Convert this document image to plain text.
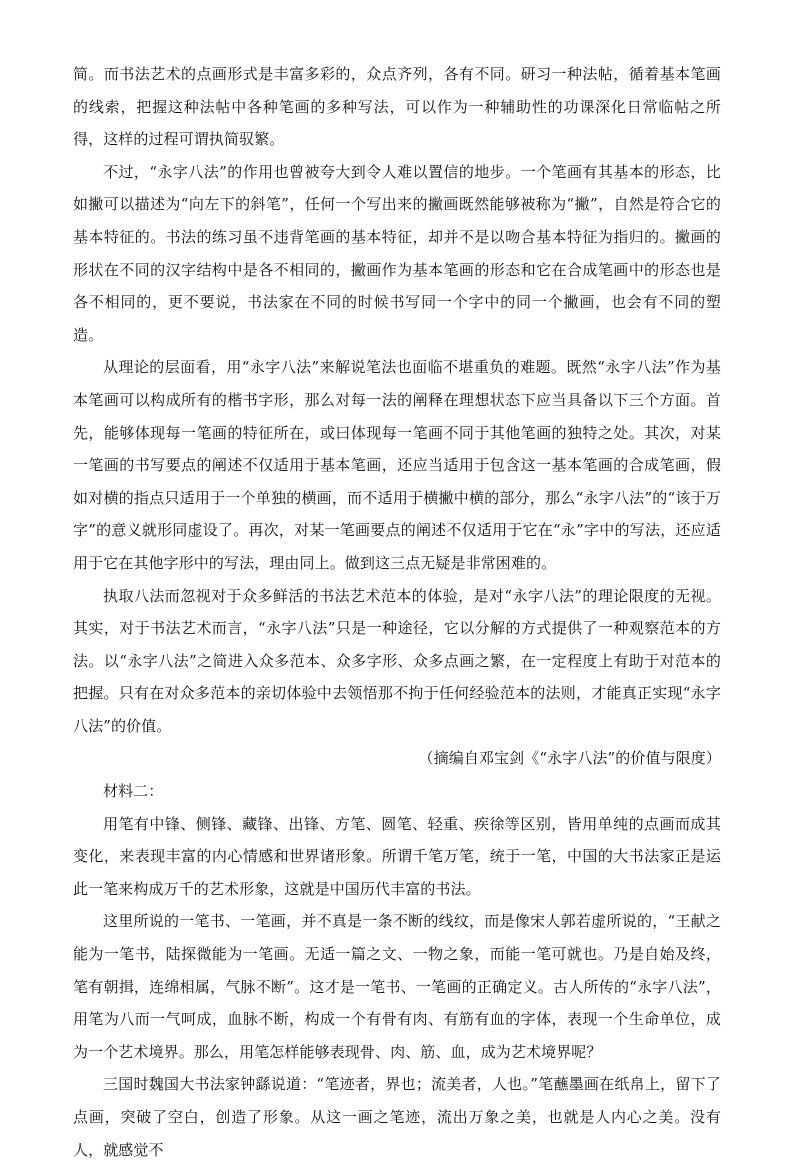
简。而书法艺术的点画形式是丰富多彩的，众点齐列，各有不同。研习一种法帖，循着基本笔画的线索，把握这种法帖中各种笔画的多种写法，可以作为一种辅助性的功课深化日常临帖之所得，这样的过程可谓执简驭繁。

不过，“永字八法”的作用也曾被夸大到令人难以置信的地步。一个笔画有其基本的形态，比如撇可以描述为“向左下的斜笔”，任何一个写出来的撇画既然能够被称为“撇”，自然是符合它的基本特征的。书法的练习虽不违背笔画的基本特征，却并不是以吻合基本特征为指归的。撇画的形状在不同的汉字结构中是各不相同的，撇画作为基本笔画的形态和它在合成笔画中的形态也是各不相同的，更不要说，书法家在不同的时候书写同一个字中的同一个撇画，也会有不同的塑造。

从理论的层面看，用“永字八法”来解说笔法也面临不堪重负的难题。既然“永字八法”作为基本笔画可以构成所有的楷书字形，那么对每一法的阐释在理想状态下应当具备以下三个方面。首先，能够体现每一笔画的特征所在，或曰体现每一笔画不同于其他笔画的独特之处。其次，对某一笔画的书写要点的阐述不仅适用于基本笔画，还应当适用于包含这一基本笔画的合成笔画，假如对横的指点只适用于一个单独的横画，而不适用于横撇中横的部分，那么“永字八法”的“该于万字”的意义就形同虚设了。再次，对某一笔画要点的阐述不仅适用于它在“永”字中的写法，还应适用于它在其他字形中的写法，理由同上。做到这三点无疑是非常困难的。

执取八法而忽视对于众多鲜活的书法艺术范本的体验，是对“永字八法”的理论限度的无视。其实，对于书法艺术而言，“永字八法”只是一种途径，它以分解的方式提供了一种观察范本的方法。以“永字八法”之简进入众多范本、众多字形、众多点画之繁，在一定程度上有助于对范本的把握。只有在对众多范本的亲切体验中去领悟那不拘于任何经验范本的法则，才能真正实现“永字八法”的价值。

（摘编自邓宝剑《“永字八法”的价值与限度）

材料二：

用笔有中锋、侧锋、藏锋、出锋、方笔、圆笔、轻重、疾徐等区别，皆用单纯的点画而成其变化，来表现丰富的内心情感和世界诸形象。所谓千笔万笔，统于一笔，中国的大书法家正是运此一笔来构成万千的艺术形象，这就是中国历代丰富的书法。

这里所说的一笔书、一笔画，并不真是一条不断的线纹，而是像宋人郭若虚所说的，“王献之能为一笔书，陆探微能为一笔画。无适一篇之文、一物之象，而能一笔可就也。乃是自始及终，笔有朝揖，连绵相属，气脉不断”。这才是一笔书、一笔画的正确定义。古人所传的“永字八法”，用笔为八而一气呵成，血脉不断，构成一个有骨有肉、有筋有血的字体，表现一个生命单位，成为一个艺术境界。那么，用笔怎样能够表现骨、肉、筋、血，成为艺术境界呢？

三国时魏国大书法家钟繇说道：“笔迹者，界也；流美者，人也。”笔蘸墨画在纸帛上，留下了点画，突破了空白，创造了形象。从这一画之笔迹，流出万象之美，也就是人内心之美。没有人，就感觉不
